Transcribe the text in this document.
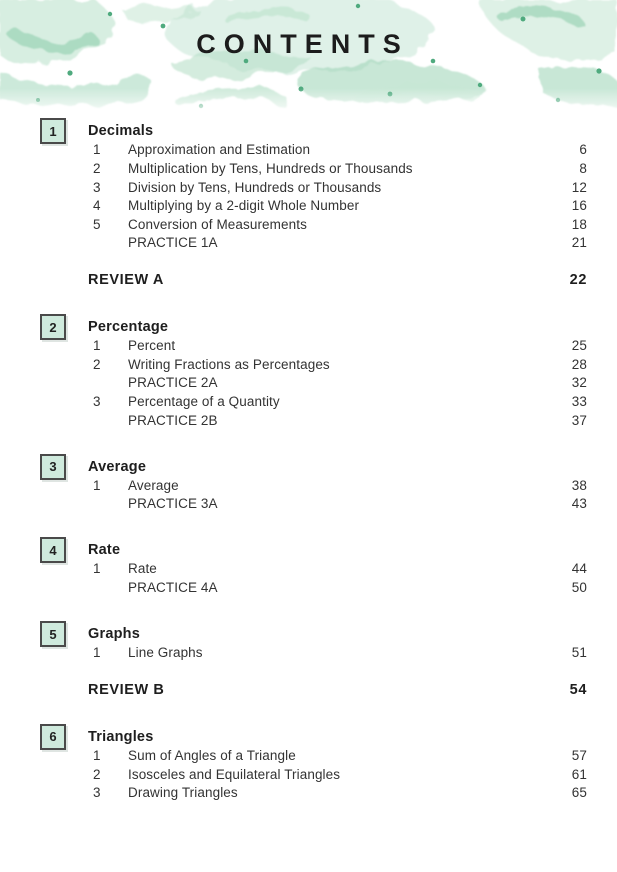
CONTENTS
1 Decimals
1	Approximation and Estimation	6
2	Multiplication by Tens, Hundreds or Thousands	8
3	Division by Tens, Hundreds or Thousands	12
4	Multiplying by a 2-digit Whole Number	16
5	Conversion of Measurements	18
PRACTICE 1A	21
REVIEW A	22
2 Percentage
1	Percent	25
2	Writing Fractions as Percentages	28
PRACTICE 2A	32
3	Percentage of a Quantity	33
PRACTICE 2B	37
3 Average
1	Average	38
PRACTICE 3A	43
4 Rate
1	Rate	44
PRACTICE 4A	50
5 Graphs
1	Line Graphs	51
REVIEW B	54
6 Triangles
1	Sum of Angles of a Triangle	57
2	Isosceles and Equilateral Triangles	61
3	Drawing Triangles	65
